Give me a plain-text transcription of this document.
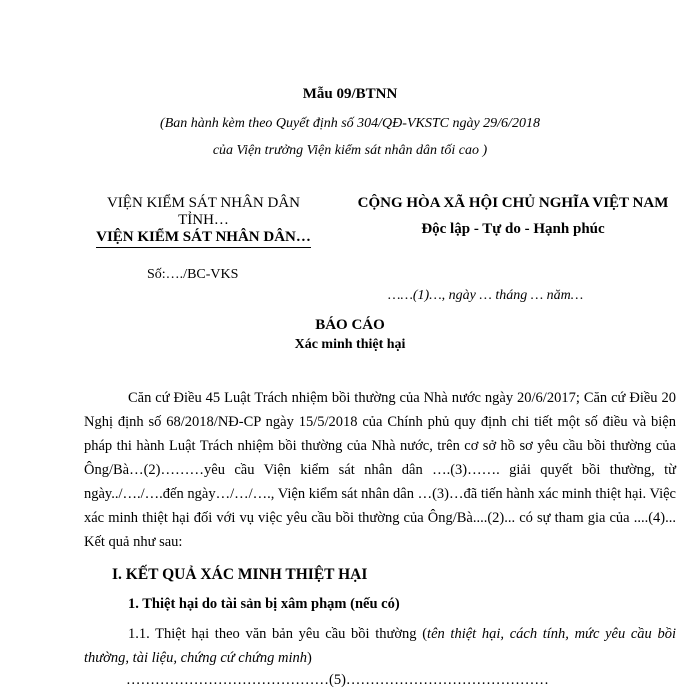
Mẫu 09/BTNN
(Ban hành kèm theo Quyết định số 304/QĐ-VKSTC ngày 29/6/2018
của Viện trưởng Viện kiểm sát nhân dân tối cao )
VIỆN KIỂM SÁT NHÂN DÂN
TỈNH…
VIỆN KIỂM SÁT NHÂN DÂN…
CỘNG HÒA XÃ HỘI CHỦ NGHĨA VIỆT NAM
Độc lập - Tự do - Hạnh phúc
Số:…./BC-VKS
……(1)…, ngày … tháng … năm…
BÁO CÁO
Xác minh thiệt hại

Căn cứ Điều 45 Luật Trách nhiệm bồi thường của Nhà nước ngày 20/6/2017; Căn cứ Điều 20 Nghị định số 68/2018/NĐ-CP ngày 15/5/2018 của Chính phủ quy định chi tiết một số điều và biện pháp thi hành Luật Trách nhiệm bồi thường của Nhà nước, trên cơ sở hồ sơ yêu cầu bồi thường của Ông/Bà…(2)………yêu cầu Viện kiểm sát nhân dân ….(3)……. giải quyết bồi thường, từ ngày../…./….đến ngày…/…/…., Viện kiểm sát nhân dân …(3)…đã tiến hành xác minh thiệt hại. Việc xác minh thiệt hại đối với vụ việc yêu cầu bồi thường của Ông/Bà....(2)... có sự tham gia của ....(4)... Kết quả như sau:

I. KẾT QUẢ XÁC MINH THIỆT HẠI
1. Thiệt hại do tài sản bị xâm phạm (nếu có)

1.1. Thiệt hại theo văn bản yêu cầu bồi thường (tên thiệt hại, cách tính, mức yêu cầu bồi thường, tài liệu, chứng cứ chứng minh)

……………………………………(5)……………………………………
